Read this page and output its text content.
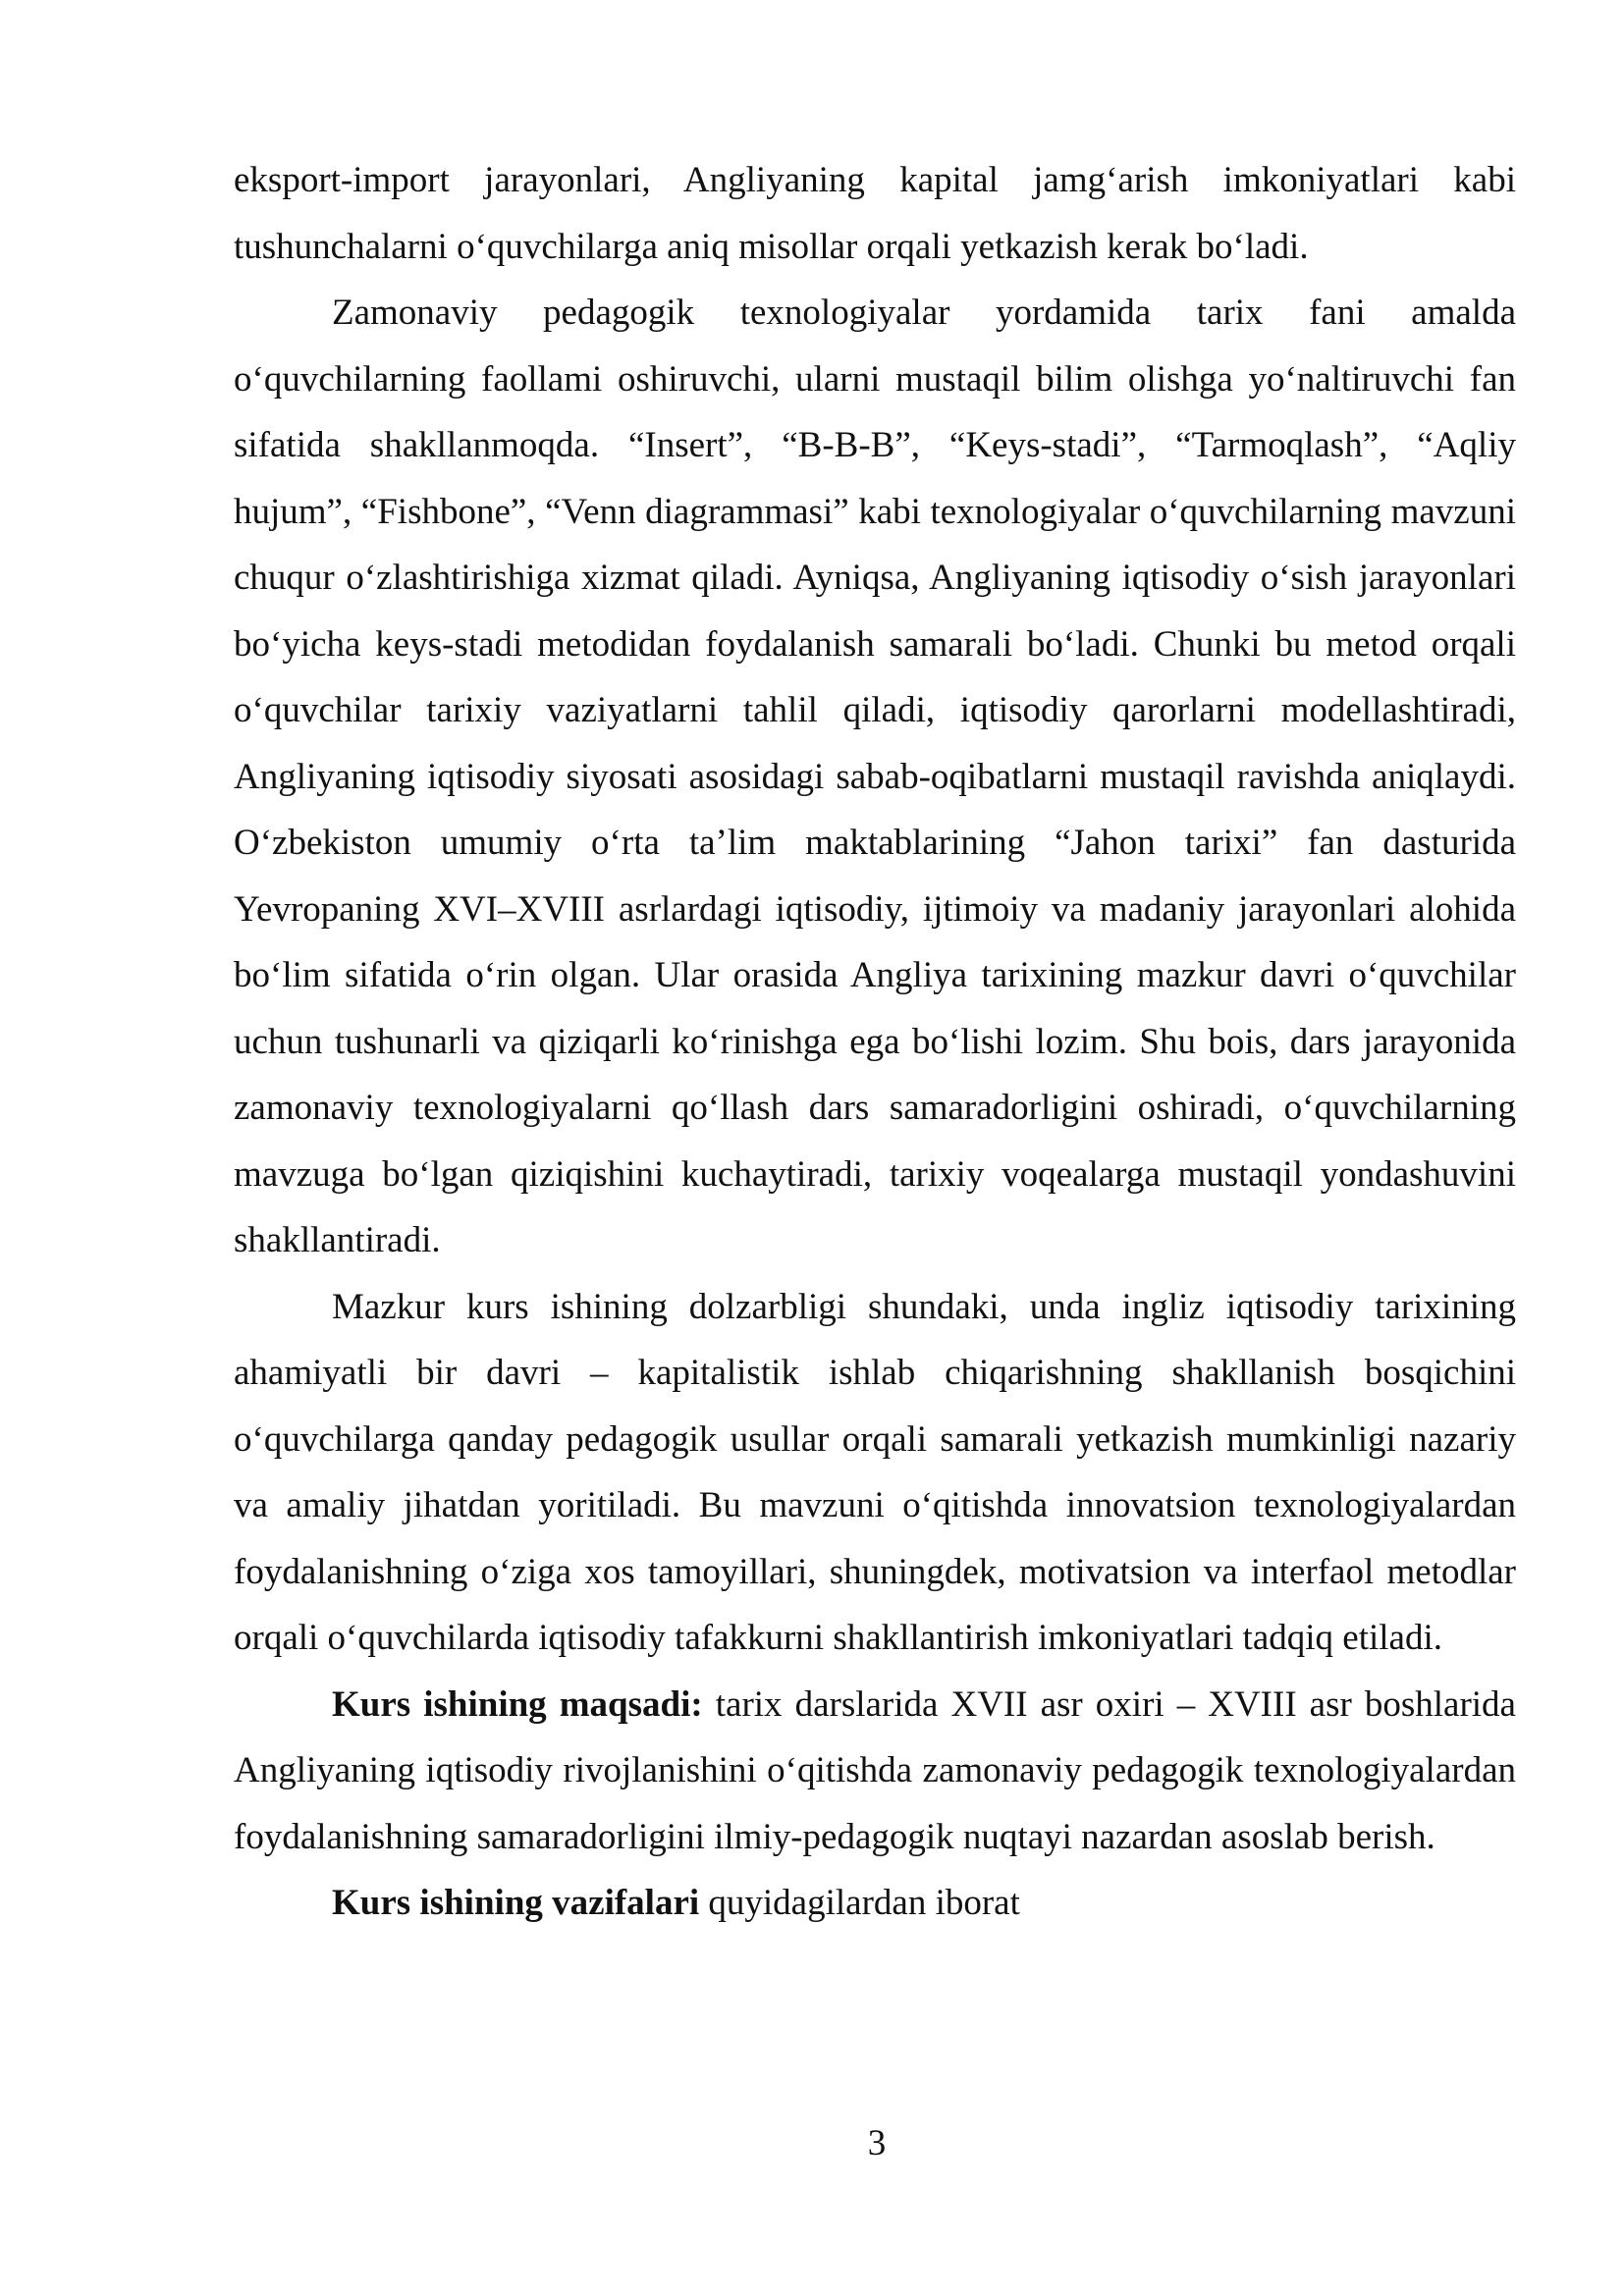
eksport-import jarayonlari, Angliyaning kapital jamg‘arish imkoniyatlari kabi tushunchalarni o‘quvchilarga aniq misollar orqali yetkazish kerak bo‘ladi.

Zamonaviy pedagogik texnologiyalar yordamida tarix fani amalda o‘quvchilarning faollami oshiruvchi, ularni mustaqil bilim olishga yo‘naltiruvchi fan sifatida shakllanmoqda. “Insert”, “B-B-B”, “Keys-stadi”, “Tarmoqlash”, “Aqliy hujum”, “Fishbone”, “Venn diagrammasi” kabi texnologiyalar o‘quvchilarning mavzuni chuqur o‘zlashtirishiga xizmat qiladi. Ayniqsa, Angliyaning iqtisodiy o‘sish jarayonlari bo‘yicha keys-stadi metodidan foydalanish samarali bo‘ladi. Chunki bu metod orqali o‘quvchilar tarixiy vaziyatlarni tahlil qiladi, iqtisodiy qarorlarni modellashtiradi, Angliyaning iqtisodiy siyosati asosidagi sabab-oqibatlarni mustaqil ravishda aniqlaydi. O‘zbekiston umumiy o‘rta ta’lim maktablarining “Jahon tarixi” fan dasturida Yevropaning XVI–XVIII asrlardagi iqtisodiy, ijtimoiy va madaniy jarayonlari alohida bo‘lim sifatida o‘rin olgan. Ular orasida Angliya tarixining mazkur davri o‘quvchilar uchun tushunarli va qiziqarli ko‘rinishga ega bo‘lishi lozim. Shu bois, dars jarayonida zamonaviy texnologiyalarni qo‘llash dars samaradorligini oshiradi, o‘quvchilarning mavzuga bo‘lgan qiziqishini kuchaytiradi, tarixiy voqealarga mustaqil yondashuvini shakllantiradi.

Mazkur kurs ishining dolzarbligi shundaki, unda ingliz iqtisodiy tarixining ahamiyatli bir davri – kapitalistik ishlab chiqarishning shakllanish bosqichini o‘quvchilarga qanday pedagogik usullar orqali samarali yetkazish mumkinligi nazariy va amaliy jihatdan yoritiladi. Bu mavzuni o‘qitishda innovatsion texnologiyalardan foydalanishning o‘ziga xos tamoyillari, shuningdek, motivatsion va interfaol metodlar orqali o‘quvchilarda iqtisodiy tafakkurni shakllantirish imkoniyatlari tadqiq etiladi.

Kurs ishining maqsadi: tarix darslarida XVII asr oxiri – XVIII asr boshlarida Angliyaning iqtisodiy rivojlanishini o‘qitishda zamonaviy pedagogik texnologiyalardan foydalanishning samaradorligini ilmiy-pedagogik nuqtayi nazardan asoslab berish.

Kurs ishining vazifalari quyidagilardan iborat

3
